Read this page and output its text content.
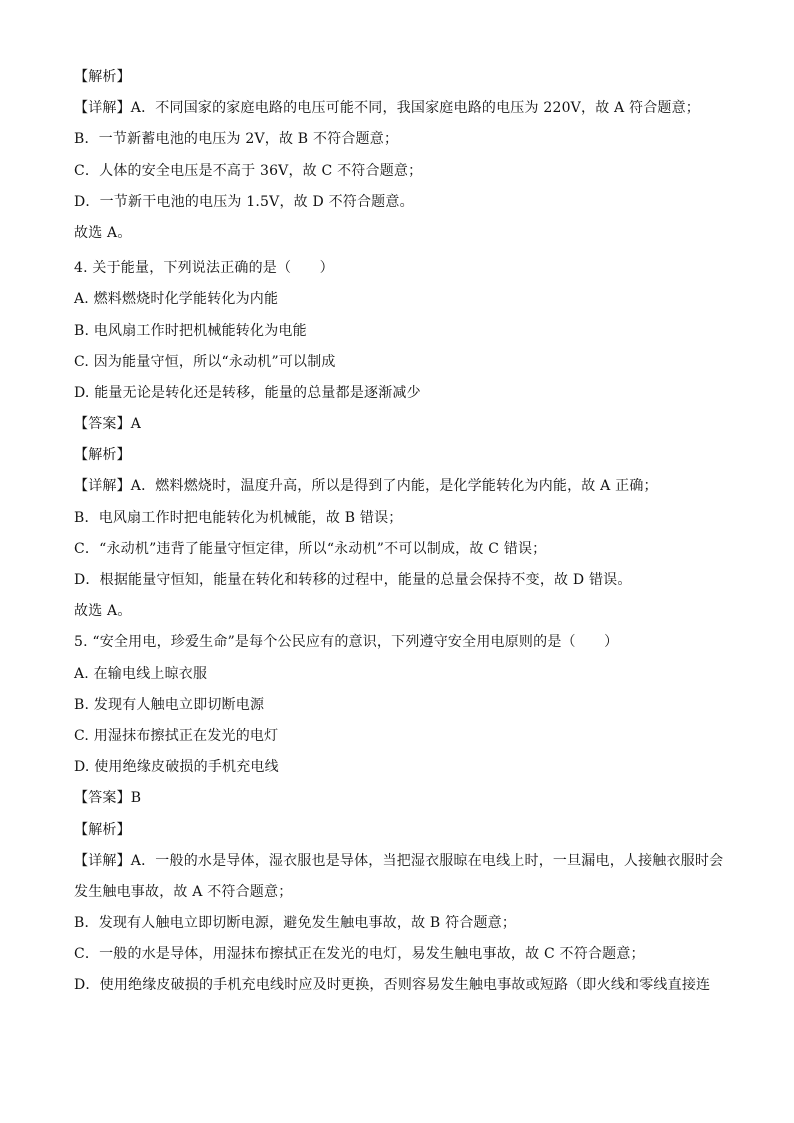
【解析】
【详解】A．不同国家的家庭电路的电压可能不同，我国家庭电路的电压为 220V，故 A 符合题意；
B．一节新蓄电池的电压为 2V，故 B 不符合题意；
C．人体的安全电压是不高于 36V，故 C 不符合题意；
D．一节新干电池的电压为 1.5V，故 D 不符合题意。
故选 A。
4. 关于能量，下列说法正确的是（　　）
A. 燃料燃烧时化学能转化为内能
B. 电风扇工作时把机械能转化为电能
C. 因为能量守恒，所以“永动机”可以制成
D. 能量无论是转化还是转移，能量的总量都是逐渐减少
【答案】A
【解析】
【详解】A．燃料燃烧时，温度升高，所以是得到了内能，是化学能转化为内能，故 A 正确；
B．电风扇工作时把电能转化为机械能，故 B 错误；
C．“永动机”违背了能量守恒定律，所以“永动机”不可以制成，故 C 错误；
D．根据能量守恒知，能量在转化和转移的过程中，能量的总量会保持不变，故 D 错误。
故选 A。
5. “安全用电，珍爱生命”是每个公民应有的意识，下列遵守安全用电原则的是（　　）
A. 在输电线上晾衣服
B. 发现有人触电立即切断电源
C. 用湿抹布擦拭正在发光的电灯
D. 使用绝缘皮破损的手机充电线
【答案】B
【解析】
【详解】A．一般的水是导体，湿衣服也是导体，当把湿衣服晾在电线上时，一旦漏电，人接触衣服时会
发生触电事故，故 A 不符合题意；
B．发现有人触电立即切断电源，避免发生触电事故，故 B 符合题意；
C．一般的水是导体，用湿抹布擦拭正在发光的电灯，易发生触电事故，故 C 不符合题意；
D．使用绝缘皮破损的手机充电线时应及时更换，否则容易发生触电事故或短路（即火线和零线直接连
